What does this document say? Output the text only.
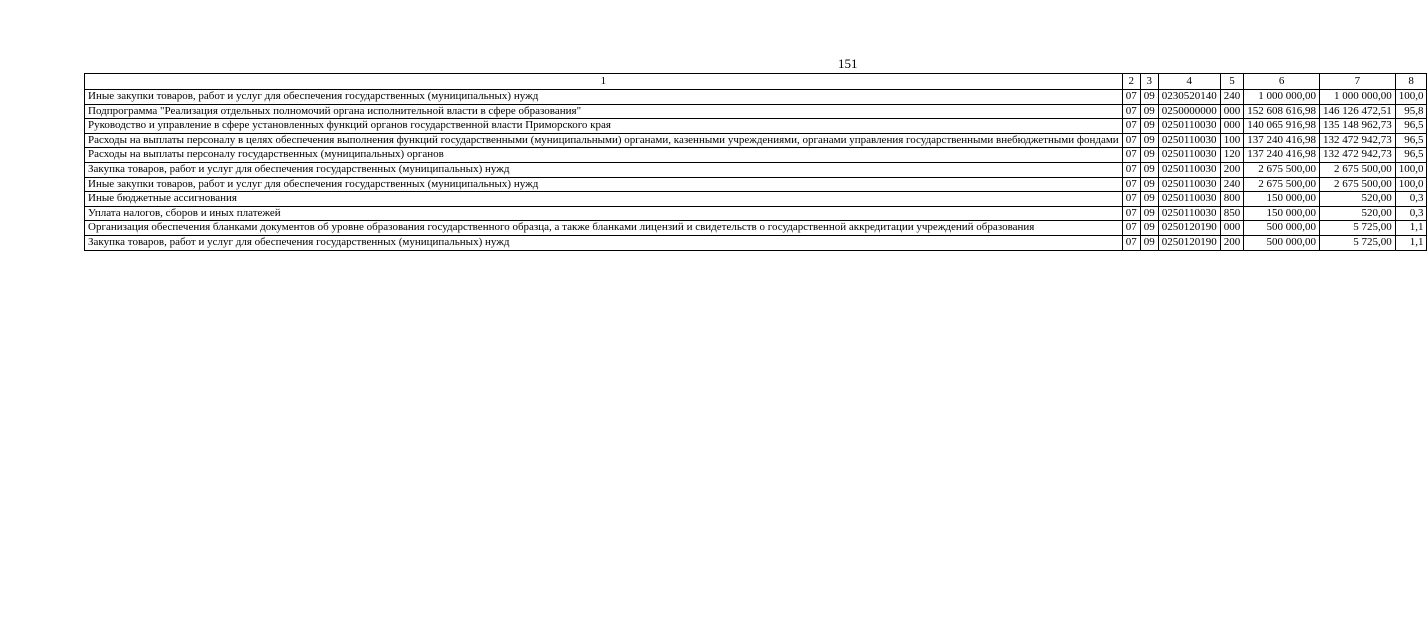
151
1	2	3	4	5	6	7	8
Иные закупки товаров, работ и услуг для обеспечения государственных (муниципальных) нужд	07	09	0230520140	240	1 000 000,00	1 000 000,00	100,0
Подпрограмма "Реализация отдельных полномочий органа исполнительной власти в сфере образования"	07	09	0250000000	000	152 608 616,98	146 126 472,51	95,8
Руководство и управление в сфере установленных функций органов государственной власти Приморского края	07	09	0250110030	000	140 065 916,98	135 148 962,73	96,5
Расходы на выплаты персоналу в целях обеспечения выполнения функций государственными (муниципальными) органами, казенными учреждениями, органами управления государственными внебюджетными фондами	07	09	0250110030	100	137 240 416,98	132 472 942,73	96,5
Расходы на выплаты персоналу государственных (муниципальных) органов	07	09	0250110030	120	137 240 416,98	132 472 942,73	96,5
Закупка товаров, работ и услуг для обеспечения государственных (муниципальных) нужд	07	09	0250110030	200	2 675 500,00	2 675 500,00	100,0
Иные закупки товаров, работ и услуг для обеспечения государственных (муниципальных) нужд	07	09	0250110030	240	2 675 500,00	2 675 500,00	100,0
Иные бюджетные ассигнования	07	09	0250110030	800	150 000,00	520,00	0,3
Уплата налогов, сборов и иных платежей	07	09	0250110030	850	150 000,00	520,00	0,3
Организация обеспечения бланками документов об уровне образования государственного образца, а также бланками лицензий и свидетельств о государственной аккредитации учреждений образования	07	09	0250120190	000	500 000,00	5 725,00	1,1
Закупка товаров, работ и услуг для обеспечения государственных (муниципальных) нужд	07	09	0250120190	200	500 000,00	5 725,00	1,1
